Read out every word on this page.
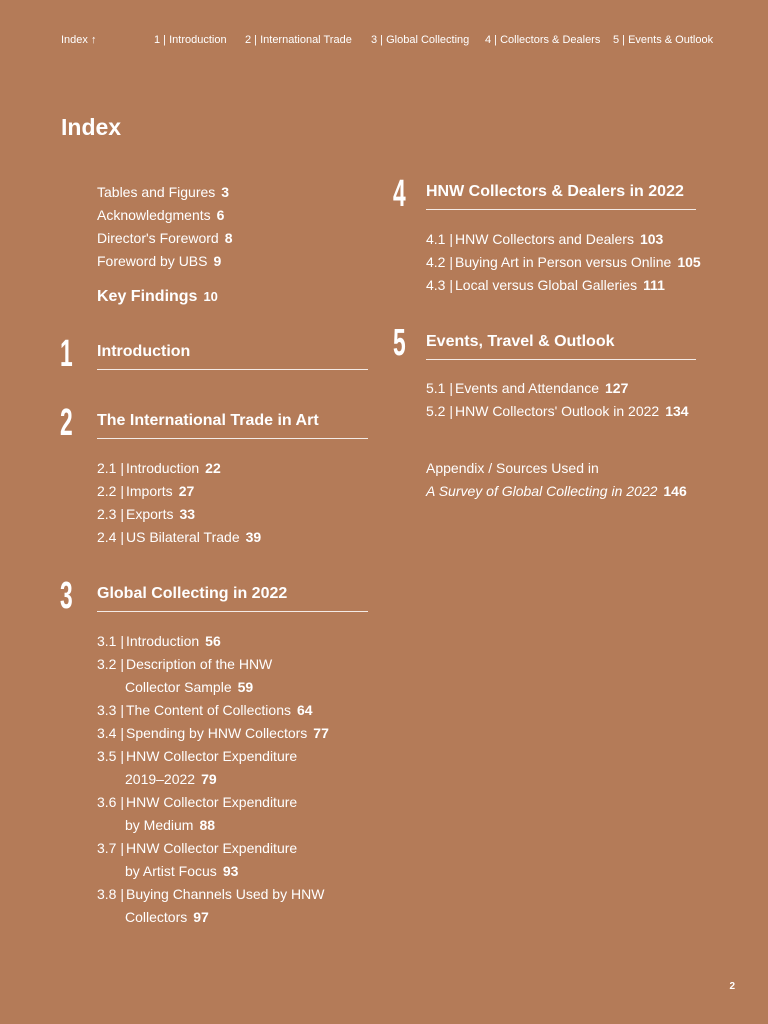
Index ↑	1 | Introduction 2 | International Trade 3 | Global Collecting 4 | Collectors & Dealers 5 | Events & Outlook
Index
Tables and Figures 3
Acknowledgments 6
Director's Foreword 8
Foreword by UBS 9
Key Findings 10
1 Introduction
2 The International Trade in Art
2.1 |Introduction 22
2.2 |Imports 27
2.3 |Exports 33
2.4 |US Bilateral Trade 39
3 Global Collecting in 2022
3.1 |Introduction 56
3.2 |Description of the HNW
Collector Sample 59
3.3 |The Content of Collections 64
3.4 |Spending by HNW Collectors 77
3.5 |HNW Collector Expenditure
2019–2022 79
3.6 |HNW Collector Expenditure
by Medium 88
3.7 |HNW Collector Expenditure
by Artist Focus 93
3.8 |Buying Channels Used by HNW
Collectors 97
4 HNW Collectors & Dealers in 2022
4.1 |HNW Collectors and Dealers 103
4.2 |Buying Art in Person versus Online 105
4.3 |Local versus Global Galleries 111
5 Events, Travel & Outlook
5.1 |Events and Attendance 127
5.2 |HNW Collectors' Outlook in 2022 134
Appendix / Sources Used in
A Survey of Global Collecting in 2022 146
2
